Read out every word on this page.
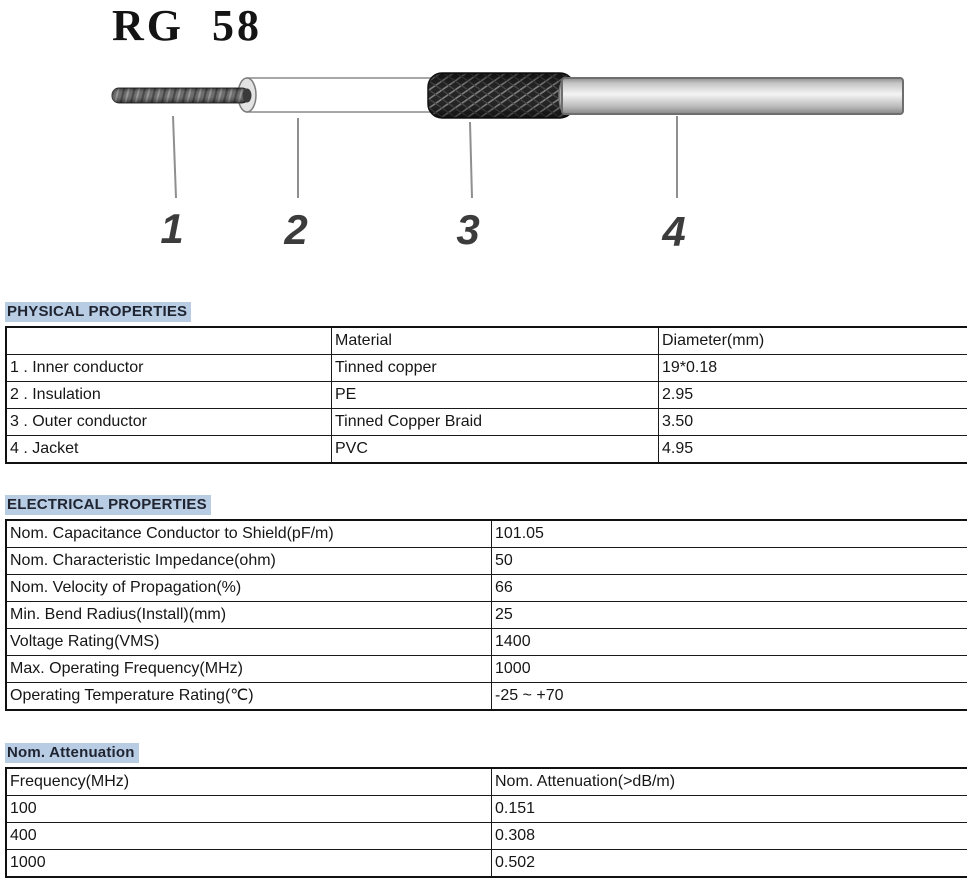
RG 58
1 2	3	4
PHYSICAL PROPERTIES
	Material	Diameter(mm)
1 . Inner conductor	Tinned copper	19*0.18
2 . Insulation	PE	2.95
3 . Outer conductor	Tinned Copper Braid	3.50
4 . Jacket	PVC	4.95
ELECTRICAL PROPERTIES
Nom. Capacitance Conductor to Shield(pF/m)	101.05
Nom. Characteristic Impedance(ohm)	50
Nom. Velocity of Propagation(%)	66
Min. Bend Radius(Install)(mm)	25
Voltage Rating(VMS)	1400
Max. Operating Frequency(MHz)	1000
Operating Temperature Rating(℃)	-25 ~ +70
Nom. Attenuation
Frequency(MHz)	Nom. Attenuation(>dB/m)
100	0.151
400	0.308
1000	0.502
